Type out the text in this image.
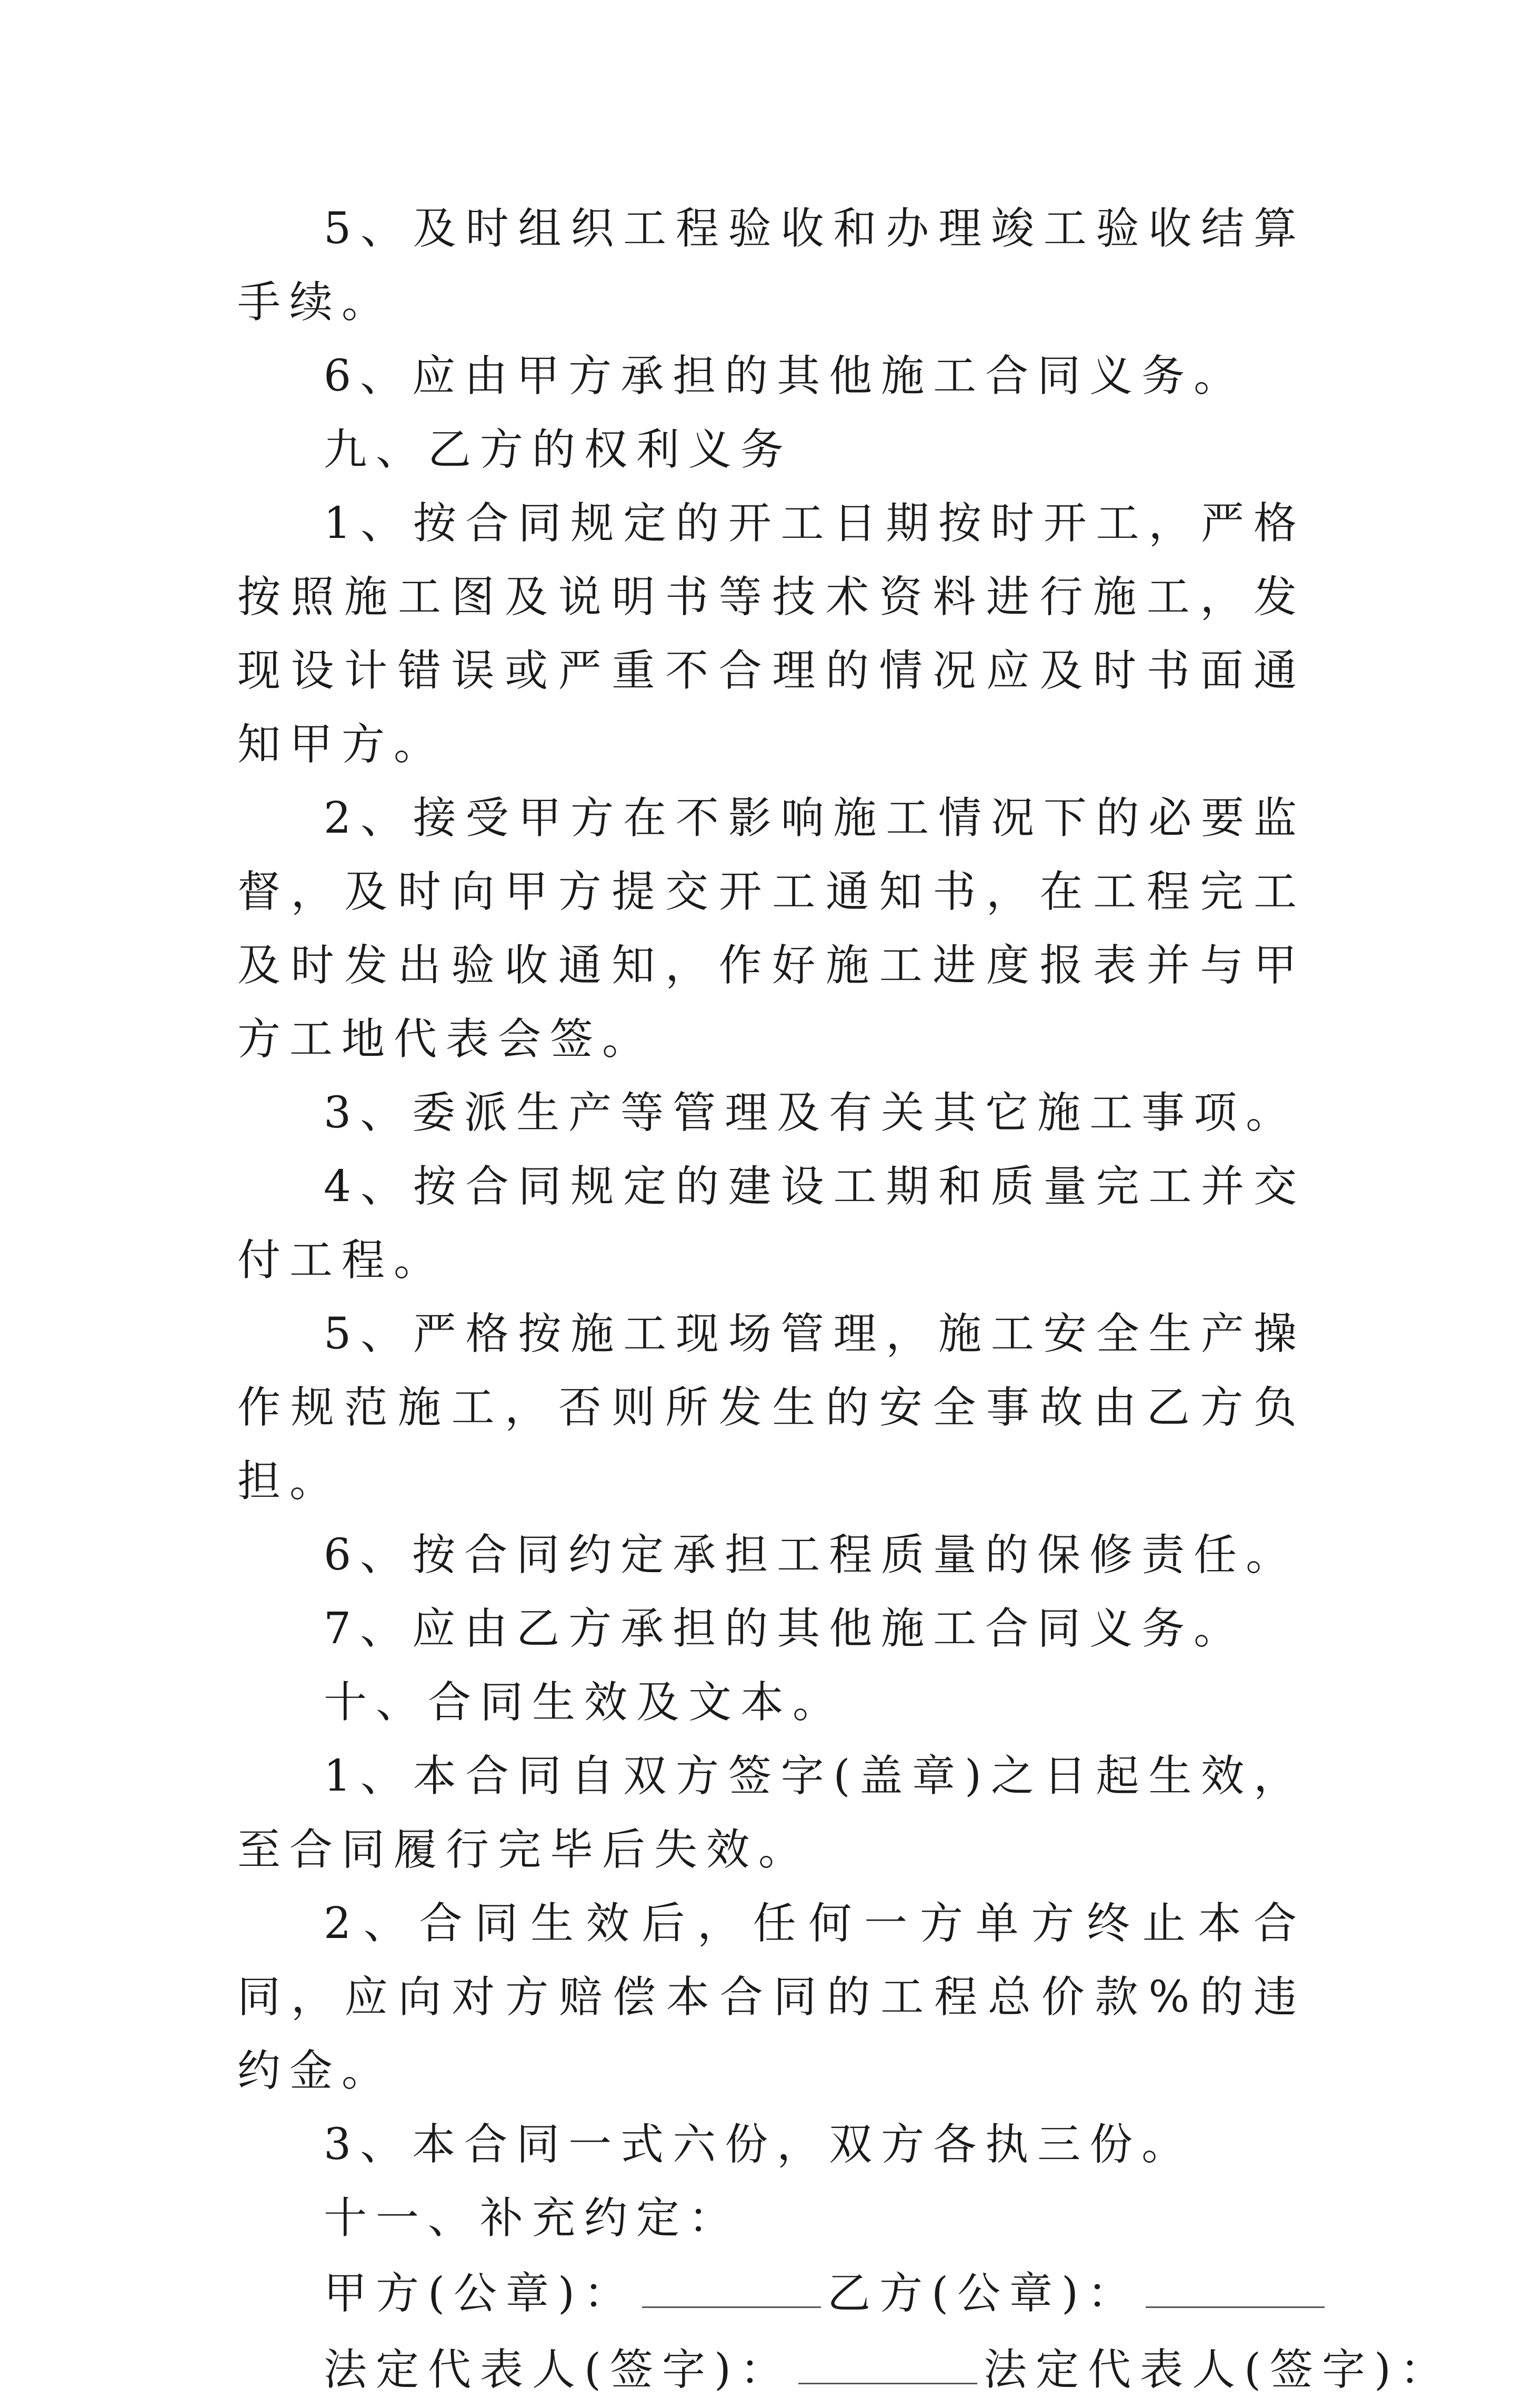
5、及时组织工程验收和办理竣工验收结算手续。

6、应由甲方承担的其他施工合同义务。

九、乙方的权利义务

1、按合同规定的开工日期按时开工，严格按照施工图及说明书等技术资料进行施工，发现设计错误或严重不合理的情况应及时书面通知甲方。

2、接受甲方在不影响施工情况下的必要监督，及时向甲方提交开工通知书，在工程完工及时发出验收通知，作好施工进度报表并与甲方工地代表会签。

3、委派生产等管理及有关其它施工事项。

4、按合同规定的建设工期和质量完工并交付工程。

5、严格按施工现场管理，施工安全生产操作规范施工，否则所发生的安全事故由乙方负担。

6、按合同约定承担工程质量的保修责任。

7、应由乙方承担的其他施工合同义务。

十、合同生效及文本。

1、本合同自双方签字(盖章)之日起生效，至合同履行完毕后失效。

2、合同生效后，任何一方单方终止本合同，应向对方赔偿本合同的工程总价款%的违约金。

3、本合同一式六份，双方各执三份。

十一、补充约定：

甲方(公章)：	乙方(公章)：

法定代表人(签字)：	法定代表人(签字)：
